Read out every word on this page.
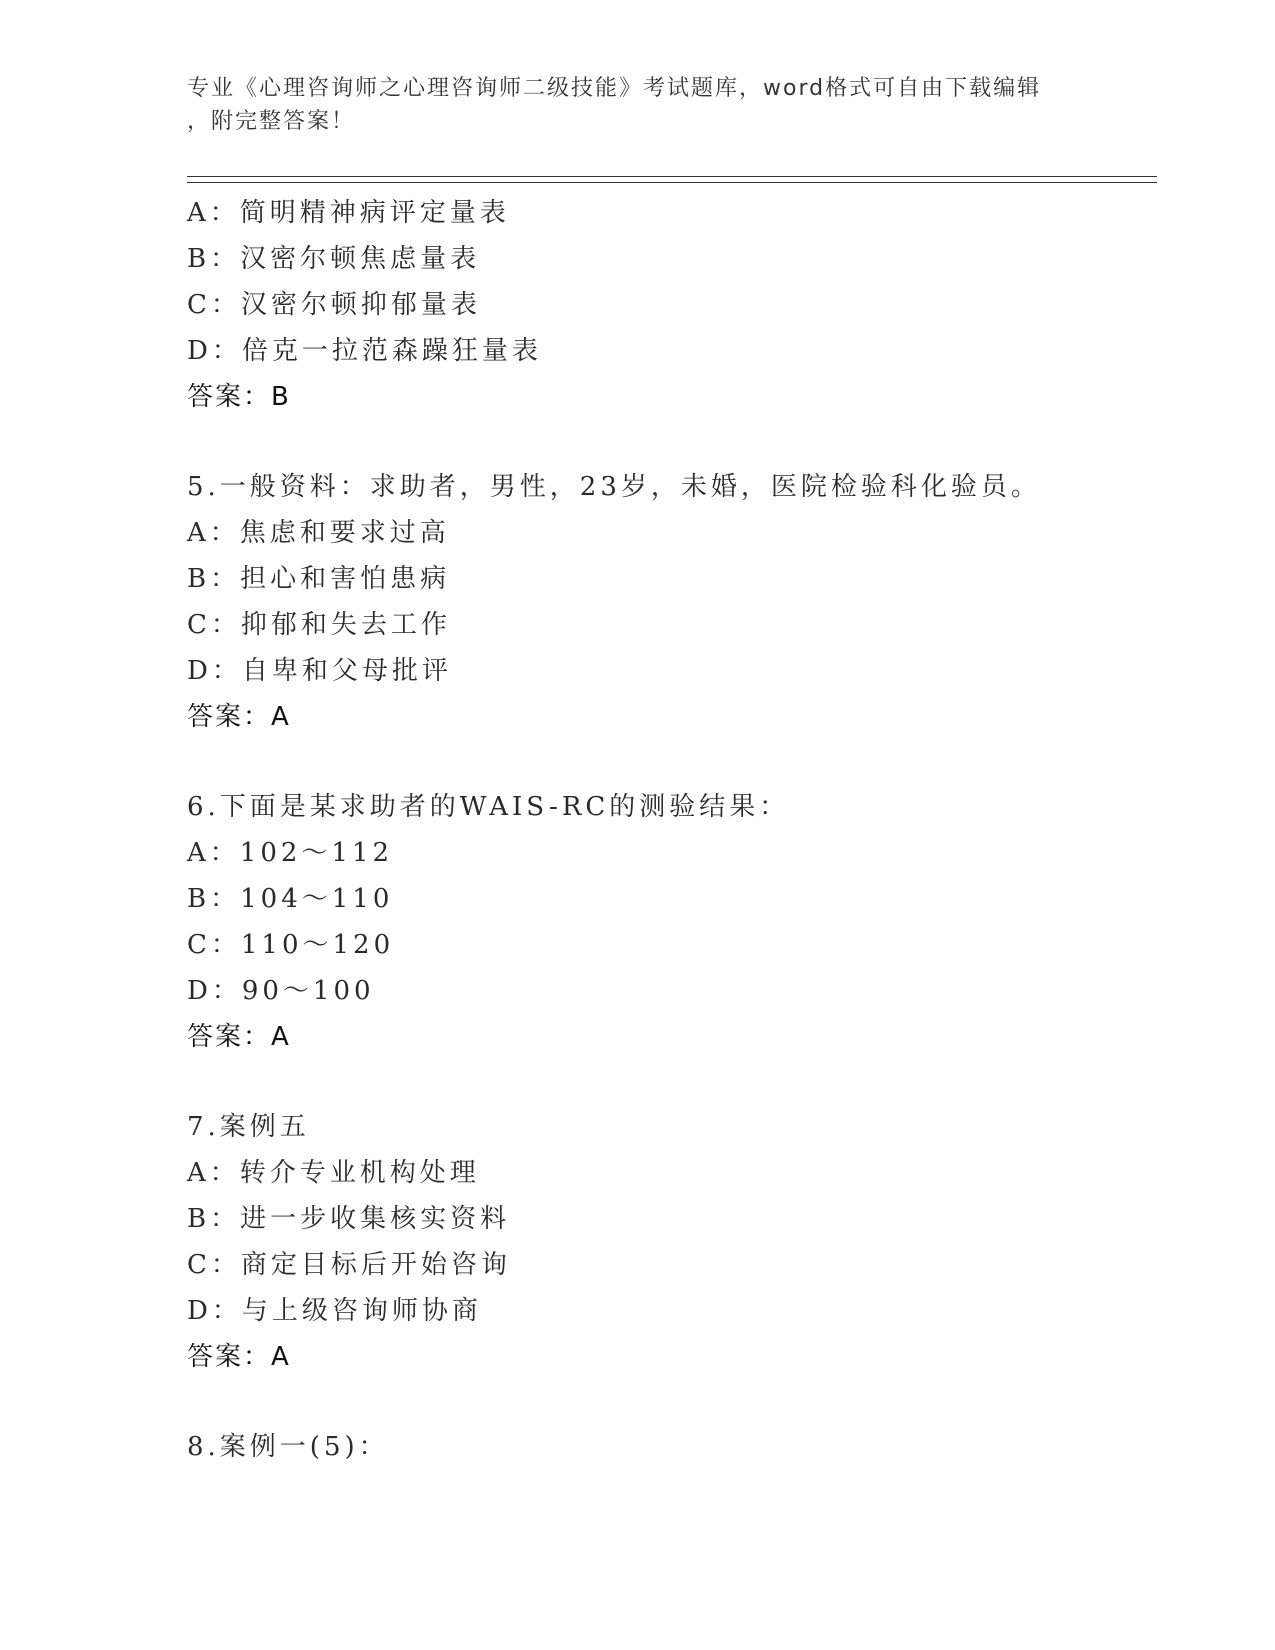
专业《心理咨询师之心理咨询师二级技能》考试题库，word格式可自由下载编辑
，附完整答案！
A：简明精神病评定量表
B：汉密尔顿焦虑量表
C：汉密尔顿抑郁量表
D：倍克一拉范森躁狂量表
答案：B
5.一般资料：求助者，男性，23岁，未婚，医院检验科化验员。
A：焦虑和要求过高
B：担心和害怕患病
C：抑郁和失去工作
D：自卑和父母批评
答案：A
6.下面是某求助者的WAIS-RC的测验结果：
A：102～112
B：104～110
C：110～120
D：90～100
答案：A
7.案例五
A：转介专业机构处理
B：进一步收集核实资料
C：商定目标后开始咨询
D：与上级咨询师协商
答案：A
8.案例一(5)：
